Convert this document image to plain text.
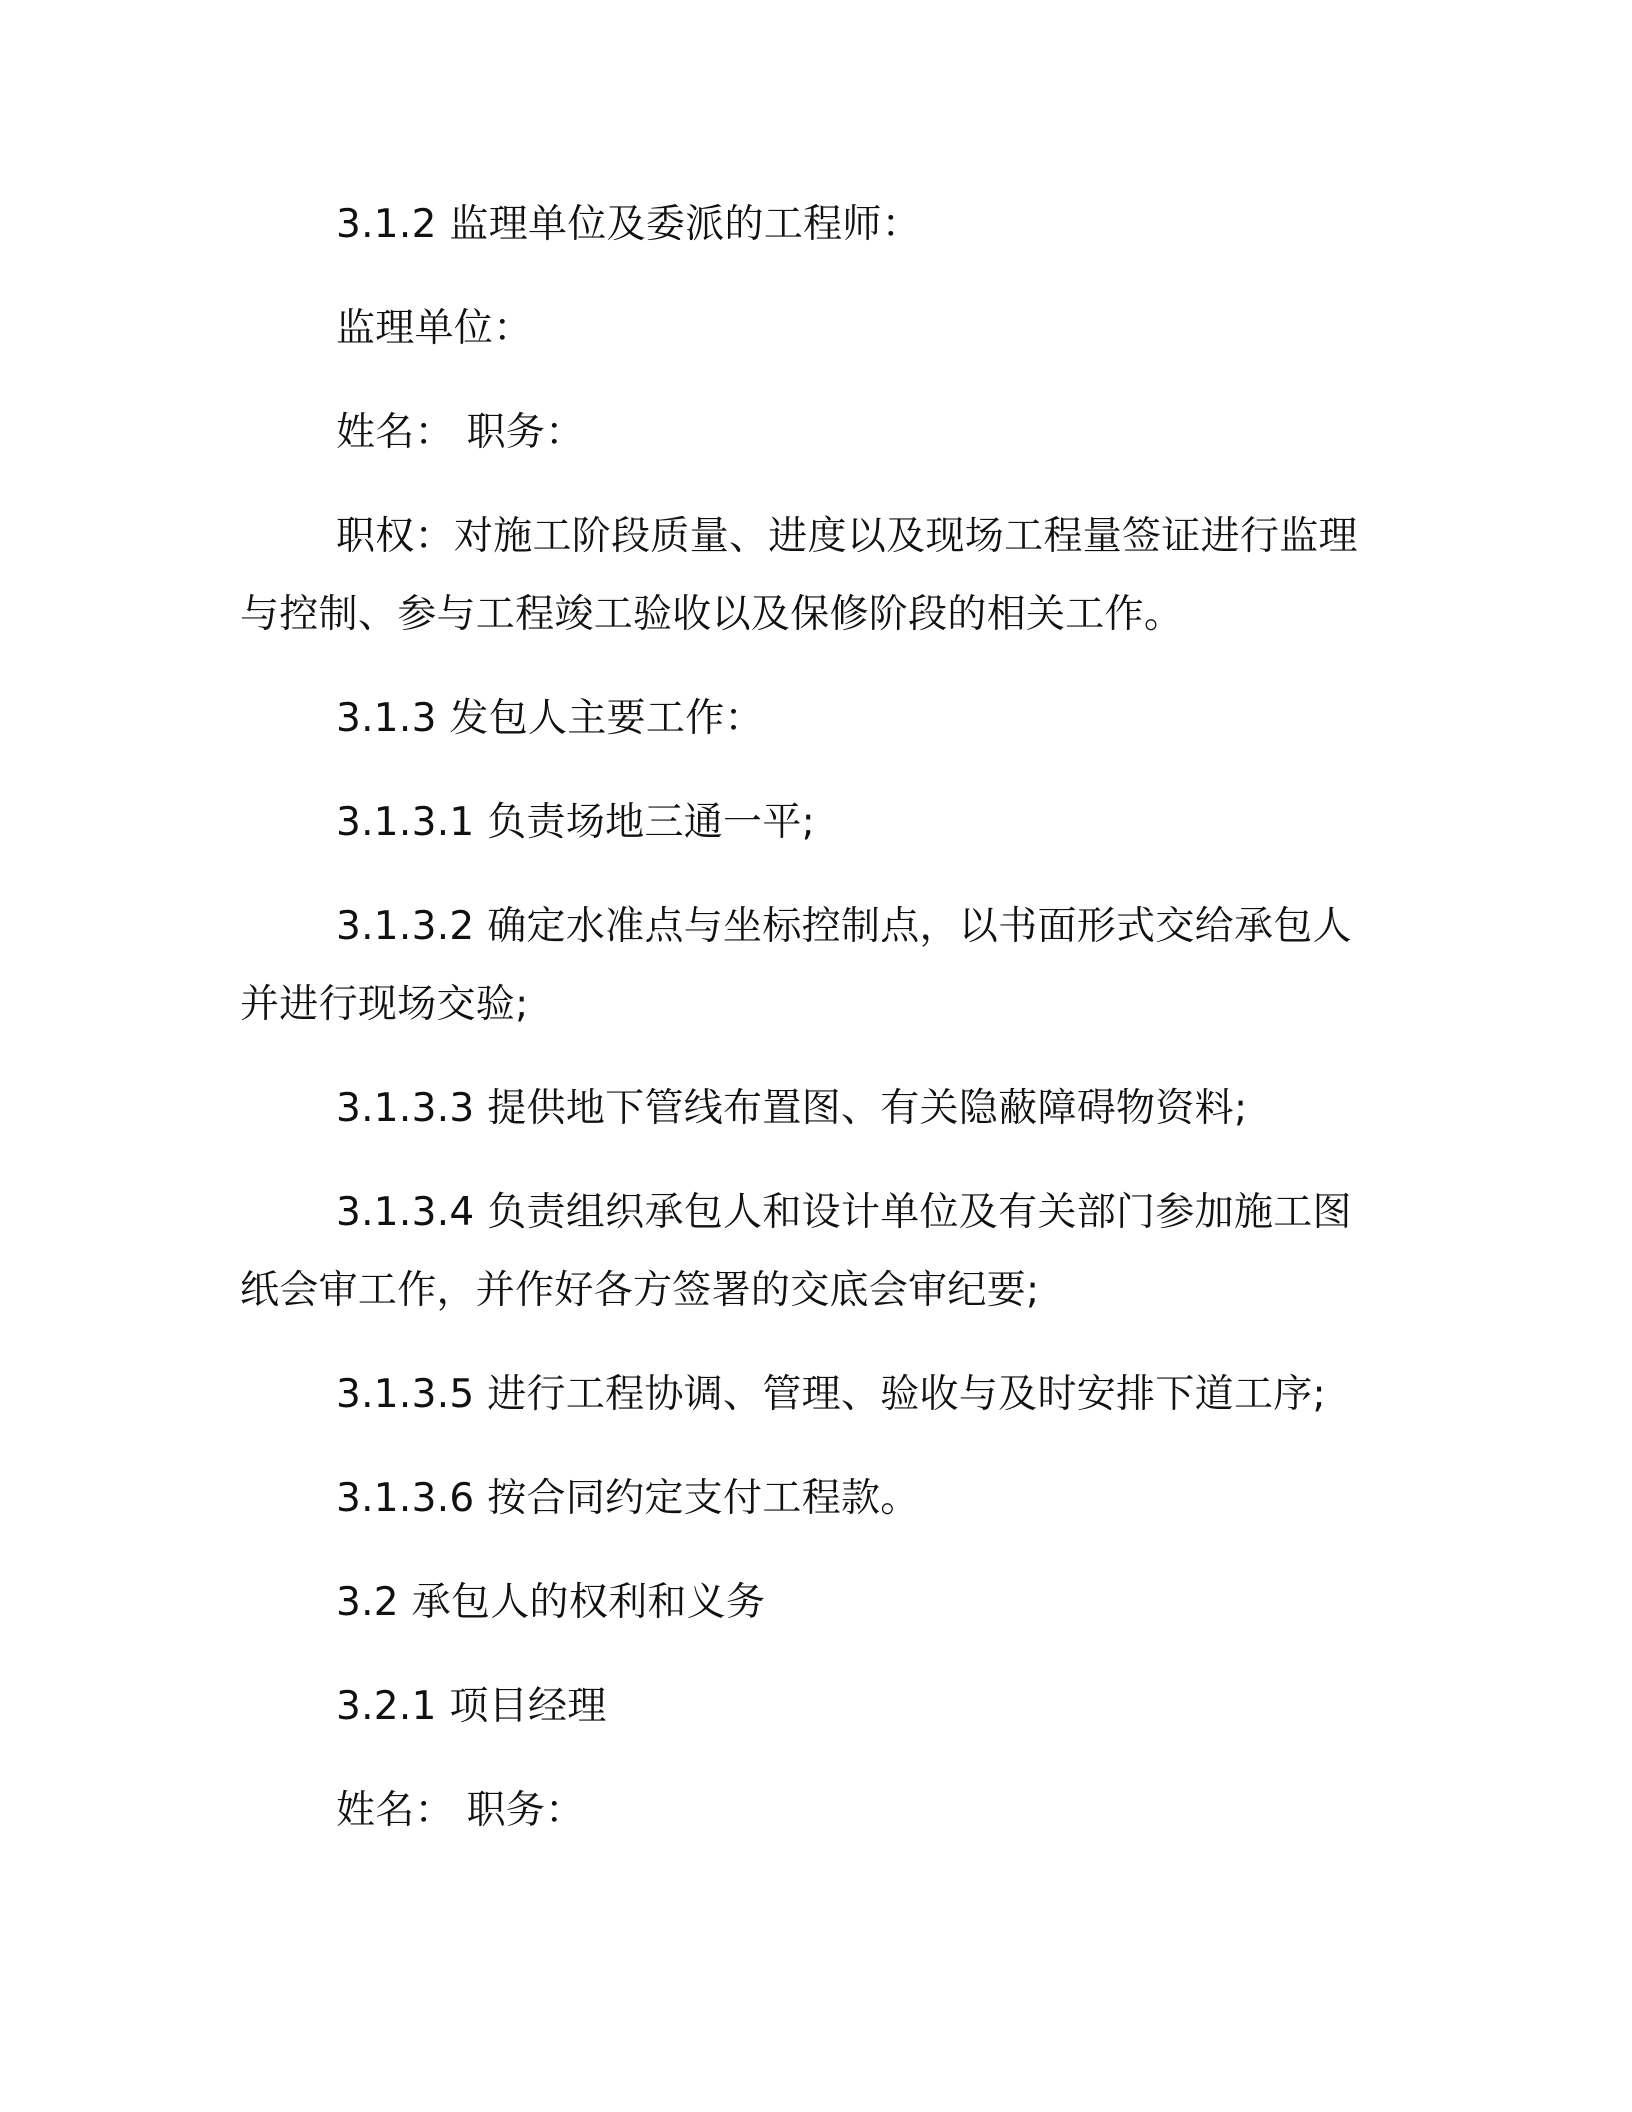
3.1.2 监理单位及委派的工程师：

监理单位：

姓名： 职务：

职权：对施工阶段质量、进度以及现场工程量签证进行监理与控制、参与工程竣工验收以及保修阶段的相关工作。

3.1.3 发包人主要工作：

3.1.3.1 负责场地三通一平;

3.1.3.2 确定水准点与坐标控制点，以书面形式交给承包人并进行现场交验;

3.1.3.3 提供地下管线布置图、有关隐蔽障碍物资料;

3.1.3.4 负责组织承包人和设计单位及有关部门参加施工图纸会审工作，并作好各方签署的交底会审纪要;

3.1.3.5 进行工程协调、管理、验收与及时安排下道工序;

3.1.3.6 按合同约定支付工程款。

3.2 承包人的权利和义务

3.2.1 项目经理

姓名： 职务：
